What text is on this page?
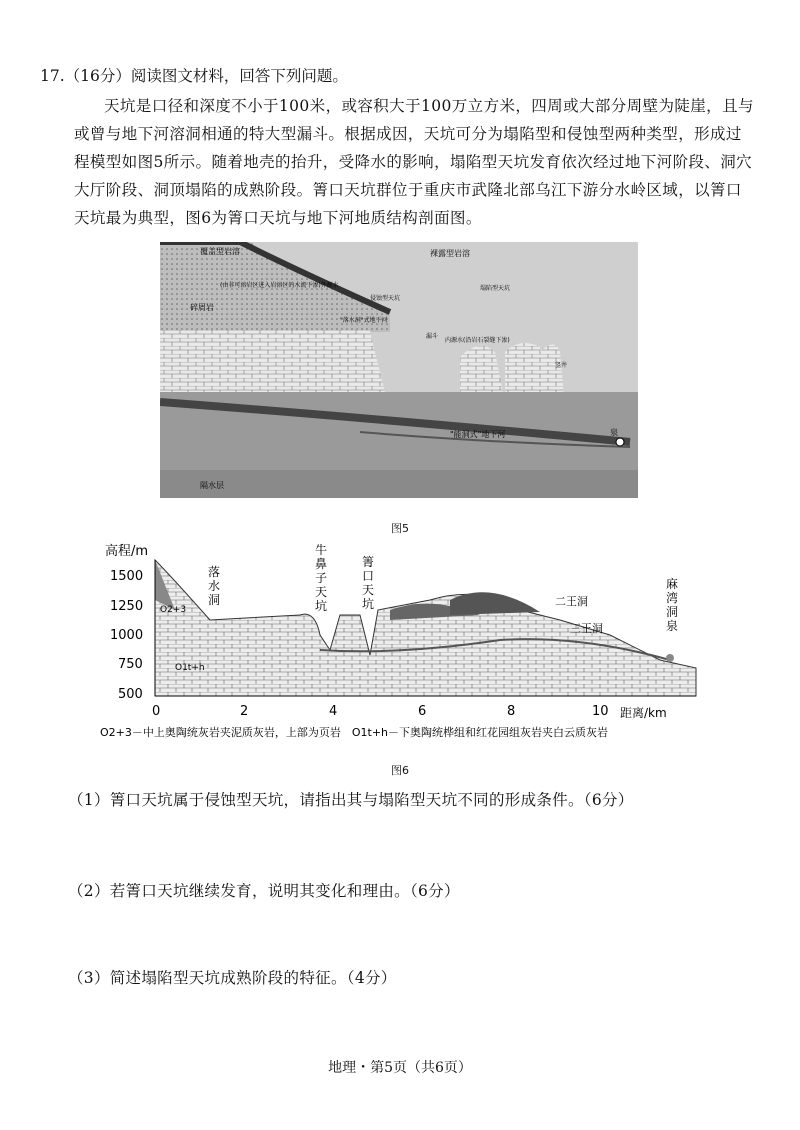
17.（16分）阅读图文材料，回答下列问题。
天坑是口径和深度不小于100米，或容积大于100万立方米，四周或大部分周壁为陡崖，且与或曾与地下河溶洞相通的特大型漏斗。根据成因，天坑可分为塌陷型和侵蚀型两种类型，形成过程模型如图5所示。随着地壳的抬升，受降水的影响，塌陷型天坑发育依次经过地下河阶段、洞穴大厅阶段、洞顶塌陷的成熟阶段。箐口天坑群位于重庆市武隆北部乌江下游分水岭区域，以箐口天坑最为典型，图6为箐口天坑与地下河地质结构剖面图。
覆盖型岩溶	裸露型岩溶
(由非可溶岩区进入岩溶区的水流下渗)外源水
碎屑岩
内源水(沿岩石裂缝下渗)
"能洞式"地下河
隔水层
泉
"落水洞"式地下河
侵蚀型天坑
塌陷型天坑
漏斗
竖井
图5
高程/m
1500
1250
1000
750
500
0	2	4	6	8	10 距离/km
O2+3
O1t+h
二王洞
三王洞
落水洞
牛鼻子天坑
箐口天坑
麻湾洞泉
O2+3－中上奥陶统灰岩夹泥质灰岩，上部为页岩　O1t+h－下奥陶统桦组和红花园组灰岩夹白云质灰岩
图6
（1）箐口天坑属于侵蚀型天坑，请指出其与塌陷型天坑不同的形成条件。（6分）
（2）若箐口天坑继续发育，说明其变化和理由。（6分）
（3）简述塌陷型天坑成熟阶段的特征。（4分）
地理・第5页（共6页）
